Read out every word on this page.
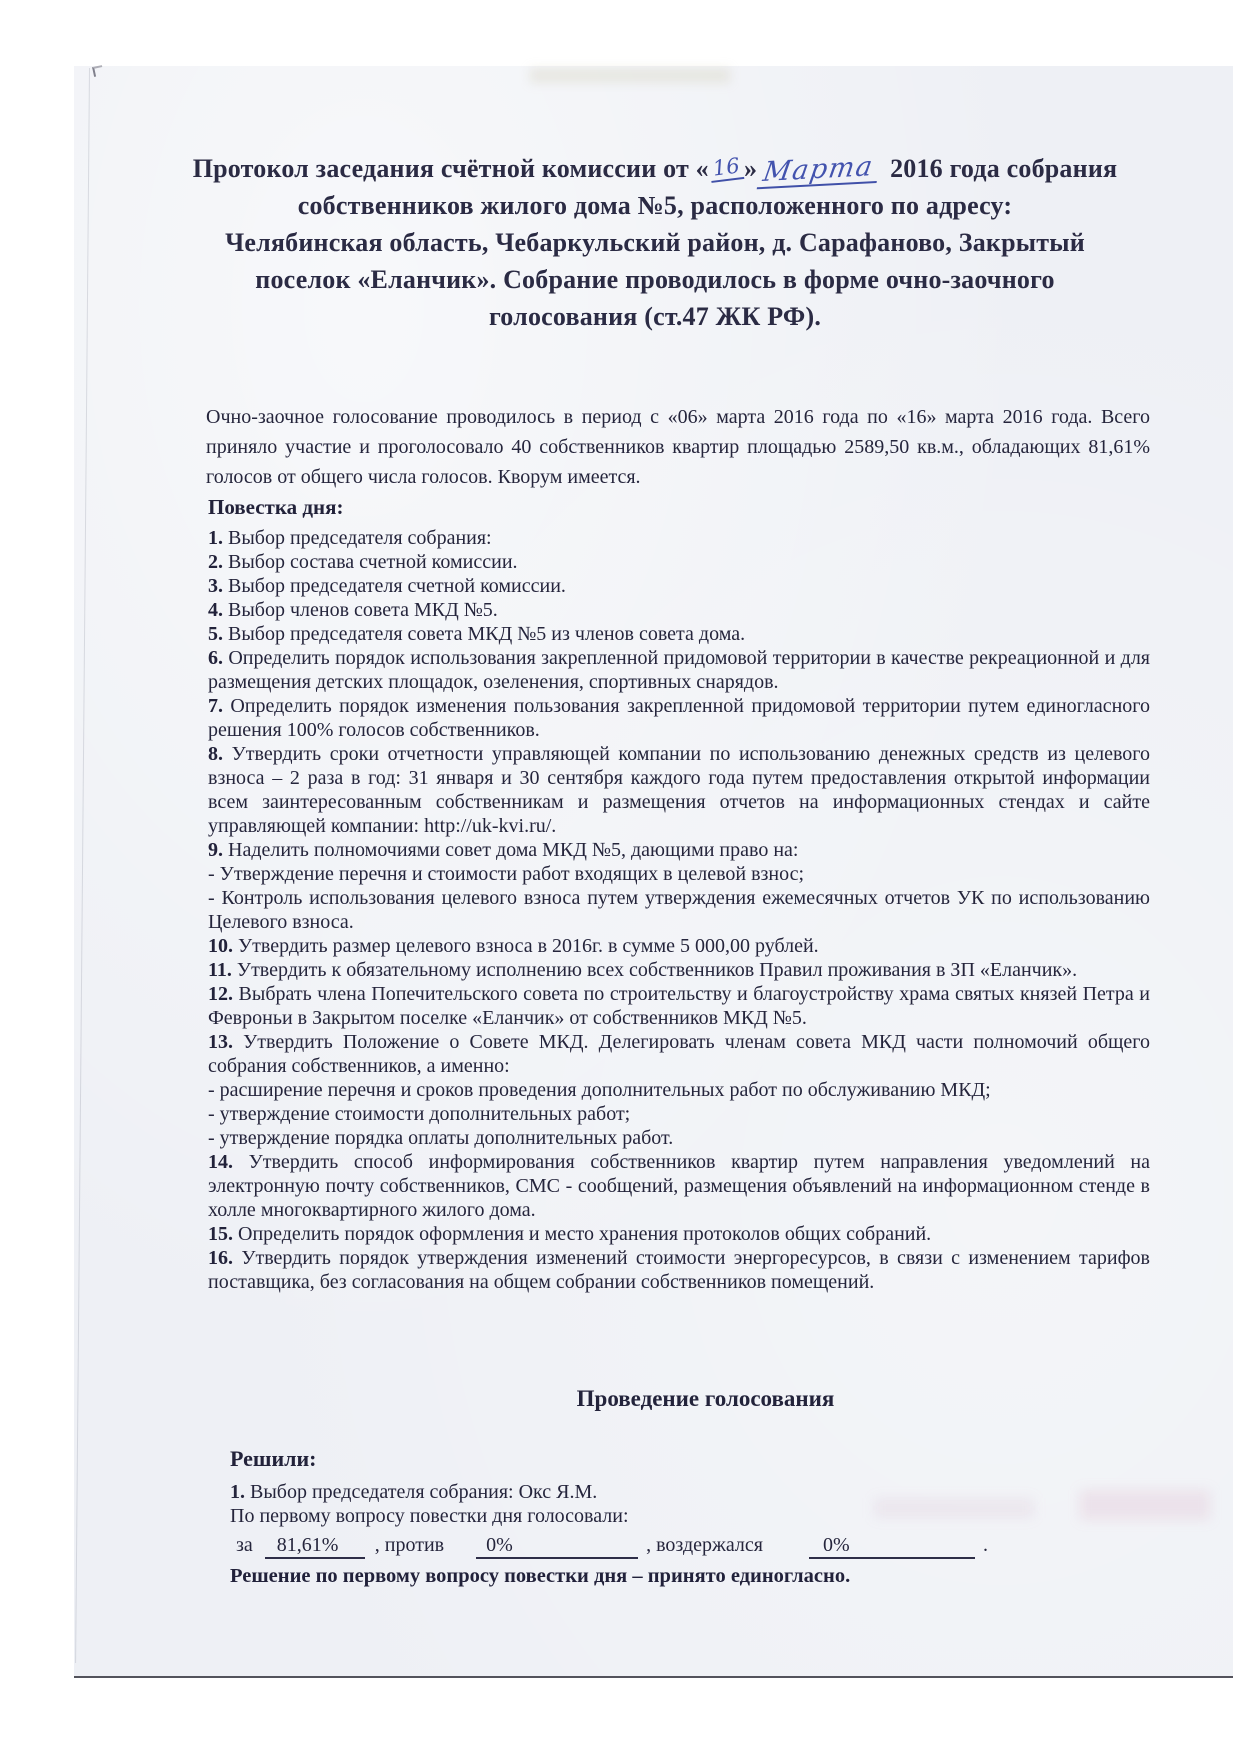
Протокол заседания счётной комиссии от « 16 » Марта 2016 года собрания
собственников жилого дома №5, расположенного по адресу:
Челябинская область, Чебаркульский район, д. Сарафаново, Закрытый
поселок «Еланчик». Собрание проводилось в форме очно-заочного
голосования (ст.47 ЖК РФ).
Очно-заочное голосование проводилось в период с «06» марта 2016 года по «16» марта 2016 года. Всего приняло участие и проголосовало 40 собственников квартир площадью 2589,50 кв.м., обладающих 81,61% голосов от общего числа голосов. Кворум имеется.
Повестка дня:
1. Выбор председателя собрания:
2. Выбор состава счетной комиссии.
3. Выбор председателя счетной комиссии.
4. Выбор членов совета МКД №5.
5. Выбор председателя совета МКД №5 из членов совета дома.
6. Определить порядок использования закрепленной придомовой территории в качестве рекреационной и для размещения детских площадок, озеленения, спортивных снарядов.
7. Определить порядок изменения пользования закрепленной придомовой территории путем единогласного решения 100% голосов собственников.
8. Утвердить сроки отчетности управляющей компании по использованию денежных средств из целевого взноса – 2 раза в год: 31 января и 30 сентября каждого года путем предоставления открытой информации всем заинтересованным собственникам и размещения отчетов на информационных стендах и сайте управляющей компании: http://uk-kvi.ru/.
9. Наделить полномочиями совет дома МКД №5, дающими право на:
- Утверждение перечня и стоимости работ входящих в целевой взнос;
- Контроль использования целевого взноса путем утверждения ежемесячных отчетов УК по использованию Целевого взноса.
10. Утвердить размер целевого взноса в 2016г. в сумме 5 000,00 рублей.
11. Утвердить к обязательному исполнению всех собственников Правил проживания в ЗП «Еланчик».
12. Выбрать члена Попечительского совета по строительству и благоустройству храма святых князей Петра и Февроньи в Закрытом поселке «Еланчик» от собственников МКД №5.
13. Утвердить Положение о Совете МКД. Делегировать членам совета МКД части полномочий общего собрания собственников, а именно:
- расширение перечня и сроков проведения дополнительных работ по обслуживанию МКД;
- утверждение стоимости дополнительных работ;
- утверждение порядка оплаты дополнительных работ.
14. Утвердить способ информирования собственников квартир путем направления уведомлений на электронную почту собственников, СМС - сообщений, размещения объявлений на информационном стенде в холле многоквартирного жилого дома.
15. Определить порядок оформления и место хранения протоколов общих собраний.
16. Утвердить порядок утверждения изменений стоимости энергоресурсов, в связи с изменением тарифов поставщика, без согласования на общем собрании собственников помещений.
Проведение голосования
Решили:
1. Выбор председателя собрания: Окс Я.М.
По первому вопросу повестки дня голосовали:
за 81,61% , против 0%	, воздержался	0%	.
Решение по первому вопросу повестки дня – принято единогласно.
